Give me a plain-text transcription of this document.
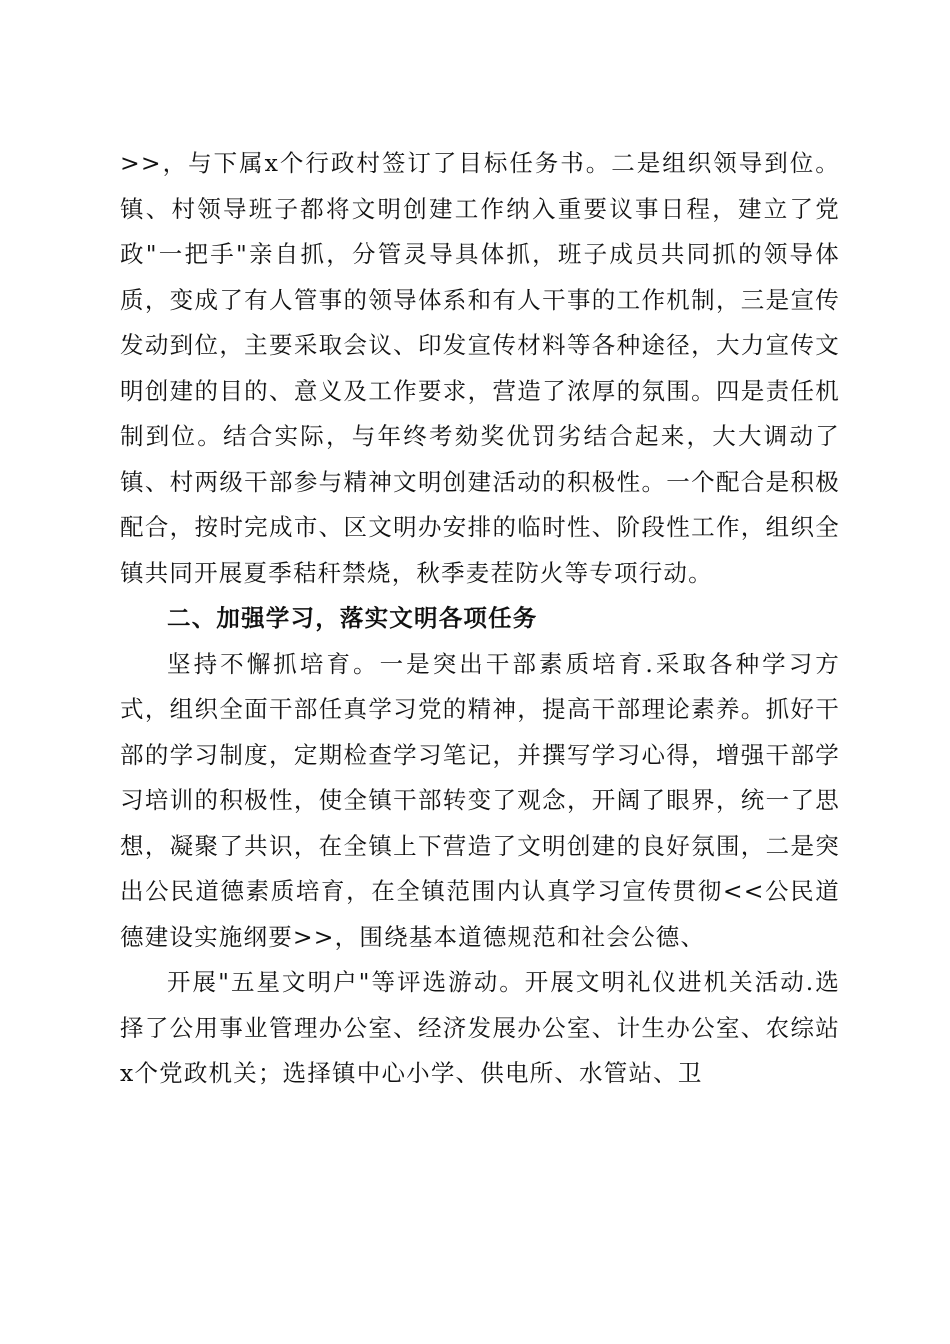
>>，与下属x个行政村签订了目标任务书。二是组织领导到位。镇、村领导班子都将文明创建工作纳入重要议事日程，建立了党政"一把手"亲自抓，分管灵导具体抓，班子成员共同抓的领导体质，变成了有人管事的领导体系和有人干事的工作机制，三是宣传发动到位，主要采取会议、印发宣传材料等各种途径，大力宣传文明创建的目的、意义及工作要求，营造了浓厚的氛围。四是责任机制到位。结合实际，与年终考劾奖优罚劣结合起来，大大调动了镇、村两级干部参与精神文明创建活动的积极性。一个配合是积极配合，按时完成市、区文明办安排的临时性、阶段性工作，组织全镇共同开展夏季秸秆禁烧，秋季麦茬防火等专项行动。

二、加强学习，落实文明各项任务

坚持不懈抓培育。一是突出干部素质培育.采取各种学习方式，组织全面干部任真学习党的精神，提高干部理论素养。抓好干部的学习制度，定期检查学习笔记，并撰写学习心得，增强干部学习培训的积极性，使全镇干部转变了观念，开阔了眼界，统一了思想，凝聚了共识，在全镇上下营造了文明创建的良好氛围，二是突出公民道德素质培育，在全镇范围内认真学习宣传贯彻<<公民道德建设实施纲要>>，围绕基本道德规范和社会公德、

开展"五星文明户"等评选游动。开展文明礼仪进机关活动.选择了公用事业管理办公室、经济发展办公室、计生办公室、农综站x个党政机关；选择镇中心小学、供电所、水管站、卫
